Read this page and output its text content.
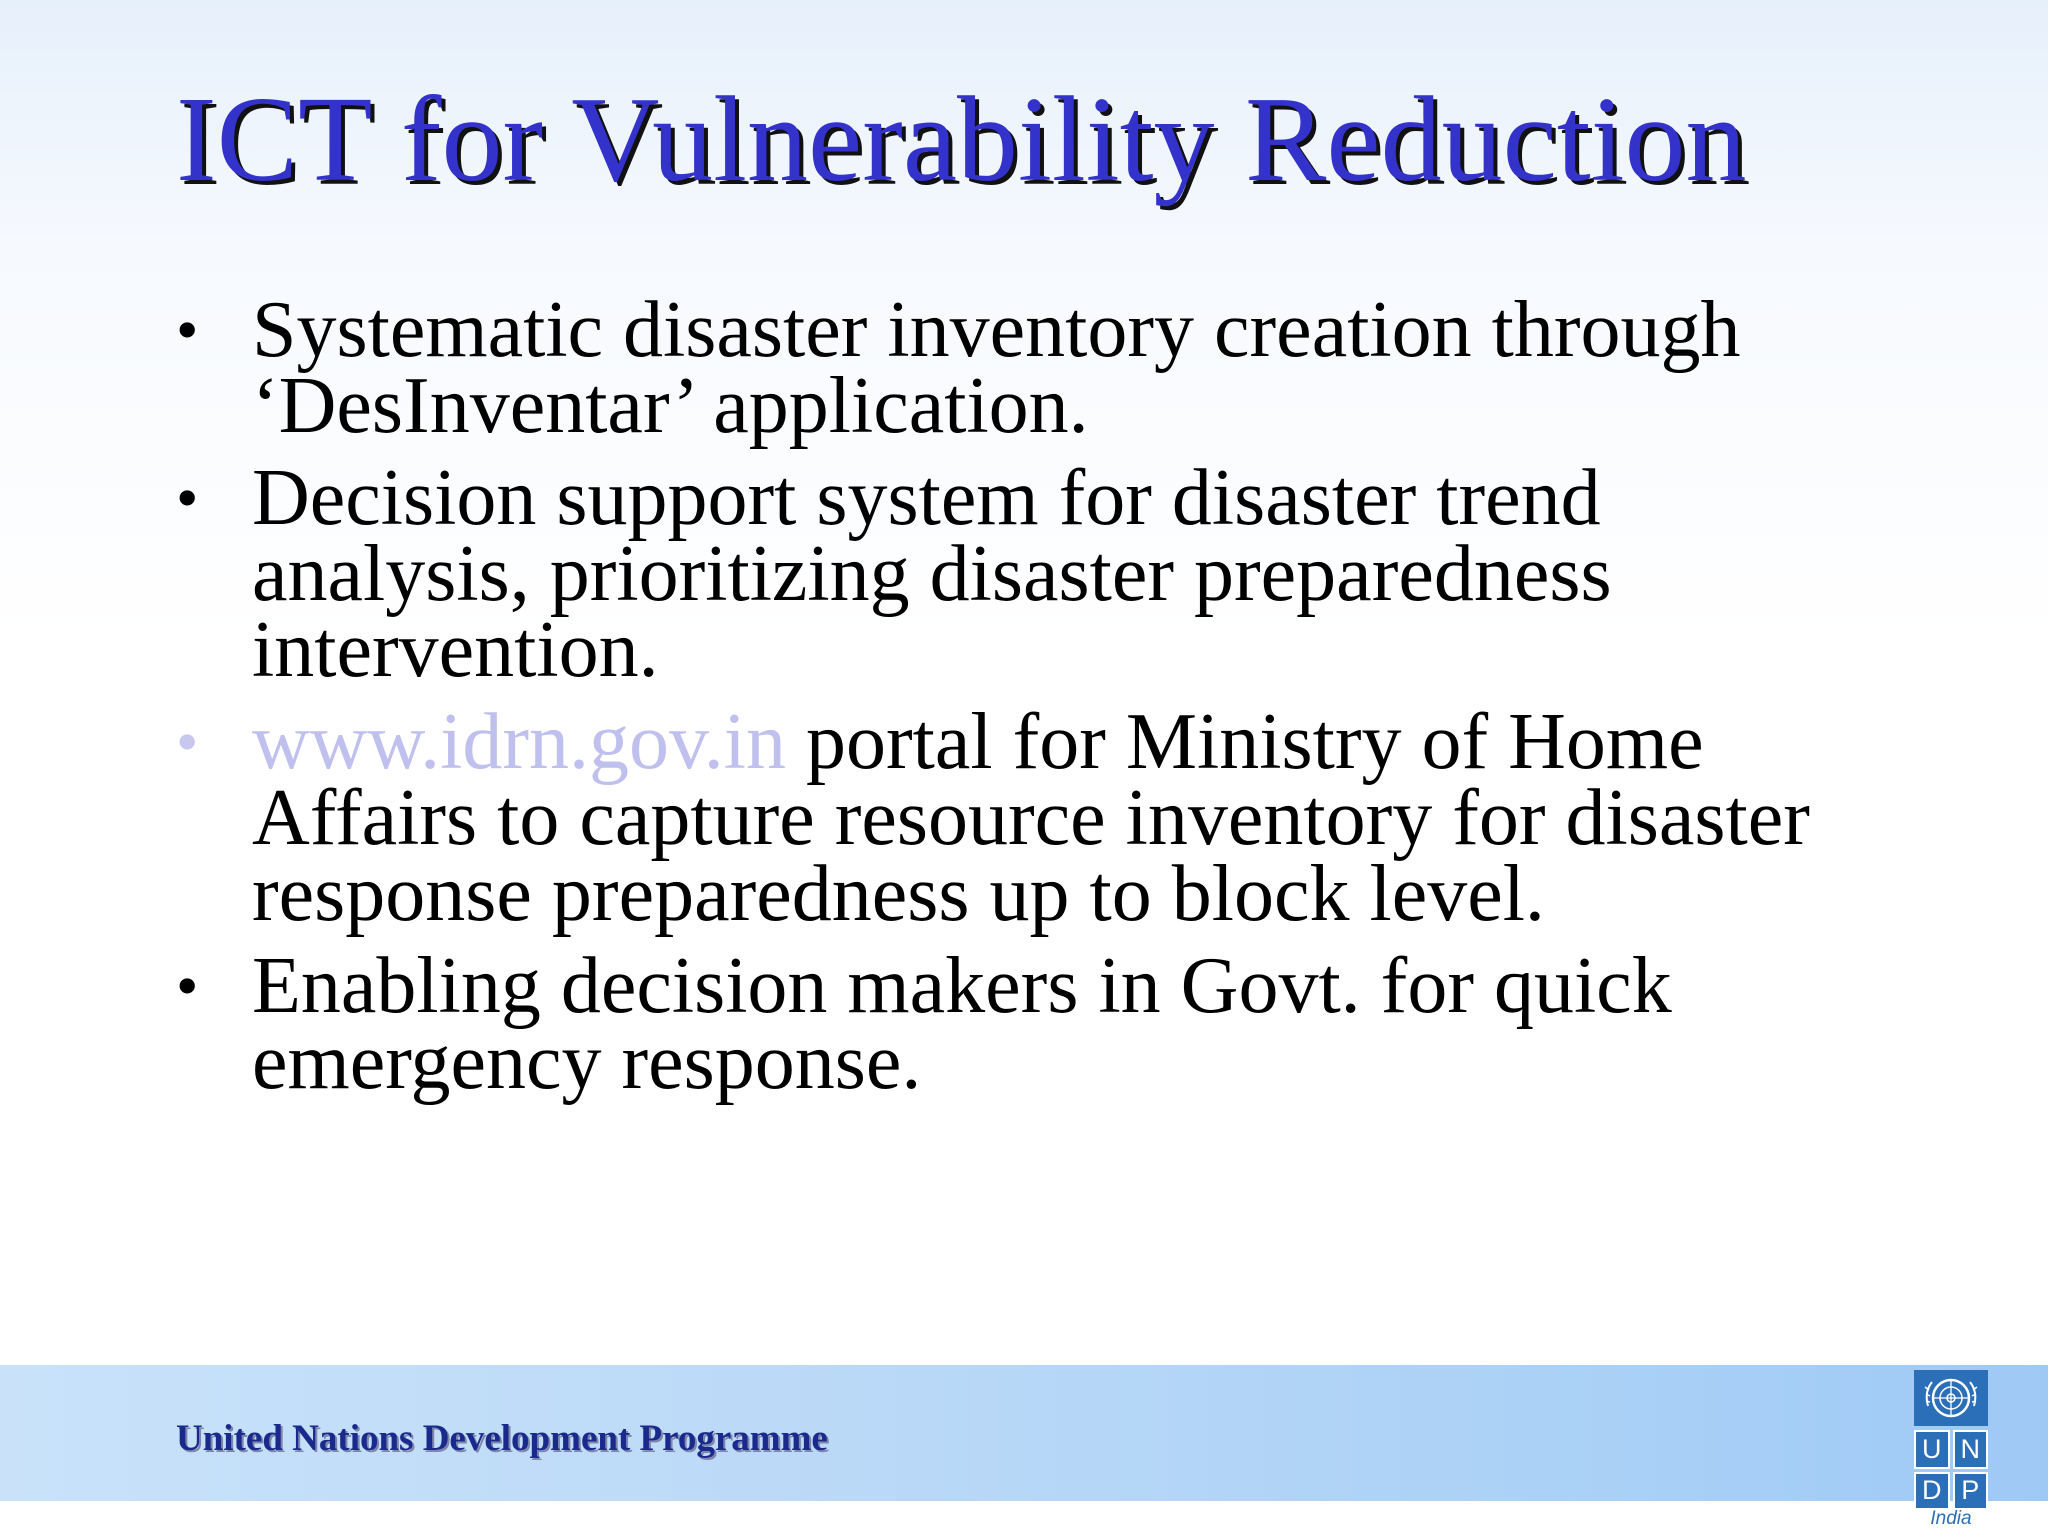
ICT for Vulnerability Reduction
• Systematic disaster inventory creation through ‘DesInventar’ application.
• Decision support system for disaster trend analysis, prioritizing disaster preparedness intervention.
• www.idrn.gov.in portal for Ministry of Home Affairs to capture resource inventory for disaster response preparedness up to block level.
• Enabling decision makers in Govt. for quick emergency response.

United Nations Development Programme	U N
D P
India
